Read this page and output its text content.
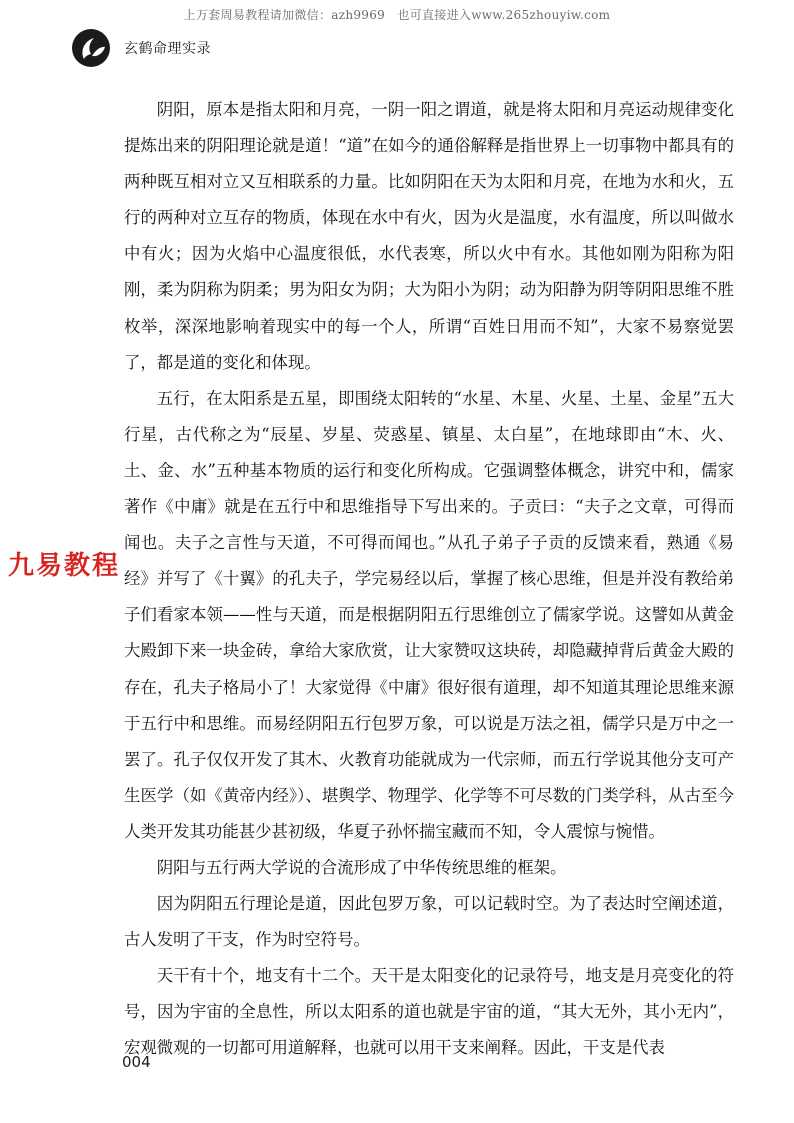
上万套周易教程请加微信：azh9969　也可直接进入www.265zhouyiw.com
玄鹤命理实录

阴阳，原本是指太阳和月亮，一阴一阳之谓道，就是将太阳和月亮运动规律变化提炼出来的阴阳理论就是道！“道”在如今的通俗解释是指世界上一切事物中都具有的两种既互相对立又互相联系的力量。比如阴阳在天为太阳和月亮，在地为水和火，五行的两种对立互存的物质，体现在水中有火，因为火是温度，水有温度，所以叫做水中有火；因为火焰中心温度很低，水代表寒，所以火中有水。其他如刚为阳称为阳刚，柔为阴称为阴柔；男为阳女为阴；大为阳小为阴；动为阳静为阴等阴阳思维不胜枚举，深深地影响着现实中的每一个人，所谓“百姓日用而不知”，大家不易察觉罢了，都是道的变化和体现。

五行，在太阳系是五星，即围绕太阳转的“水星、木星、火星、土星、金星”五大行星，古代称之为“辰星、岁星、荧惑星、镇星、太白星”，在地球即由“木、火、土、金、水”五种基本物质的运行和变化所构成。它强调整体概念，讲究中和，儒家著作《中庸》就是在五行中和思维指导下写出来的。子贡曰：“夫子之文章，可得而闻也。夫子之言性与天道，不可得而闻也。”从孔子弟子子贡的反馈来看，熟通《易经》并写了《十翼》的孔夫子，学完易经以后，掌握了核心思维，但是并没有教给弟子们看家本领——性与天道，而是根据阴阳五行思维创立了儒家学说。这譬如从黄金大殿卸下来一块金砖，拿给大家欣赏，让大家赞叹这块砖，却隐藏掉背后黄金大殿的存在，孔夫子格局小了！大家觉得《中庸》很好很有道理，却不知道其理论思维来源于五行中和思维。而易经阴阳五行包罗万象，可以说是万法之祖，儒学只是万中之一罢了。孔子仅仅开发了其木、火教育功能就成为一代宗师，而五行学说其他分支可产生医学（如《黄帝内经》）、堪舆学、物理学、化学等不可尽数的门类学科，从古至今人类开发其功能甚少甚初级，华夏子孙怀揣宝藏而不知，令人震惊与惋惜。

阴阳与五行两大学说的合流形成了中华传统思维的框架。

因为阴阳五行理论是道，因此包罗万象，可以记载时空。为了表达时空阐述道，古人发明了干支，作为时空符号。

天干有十个，地支有十二个。天干是太阳变化的记录符号，地支是月亮变化的符号，因为宇宙的全息性，所以太阳系的道也就是宇宙的道，“其大无外，其小无内”，宏观微观的一切都可用道解释，也就可以用干支来阐释。因此，干支是代表

九易教程
004
